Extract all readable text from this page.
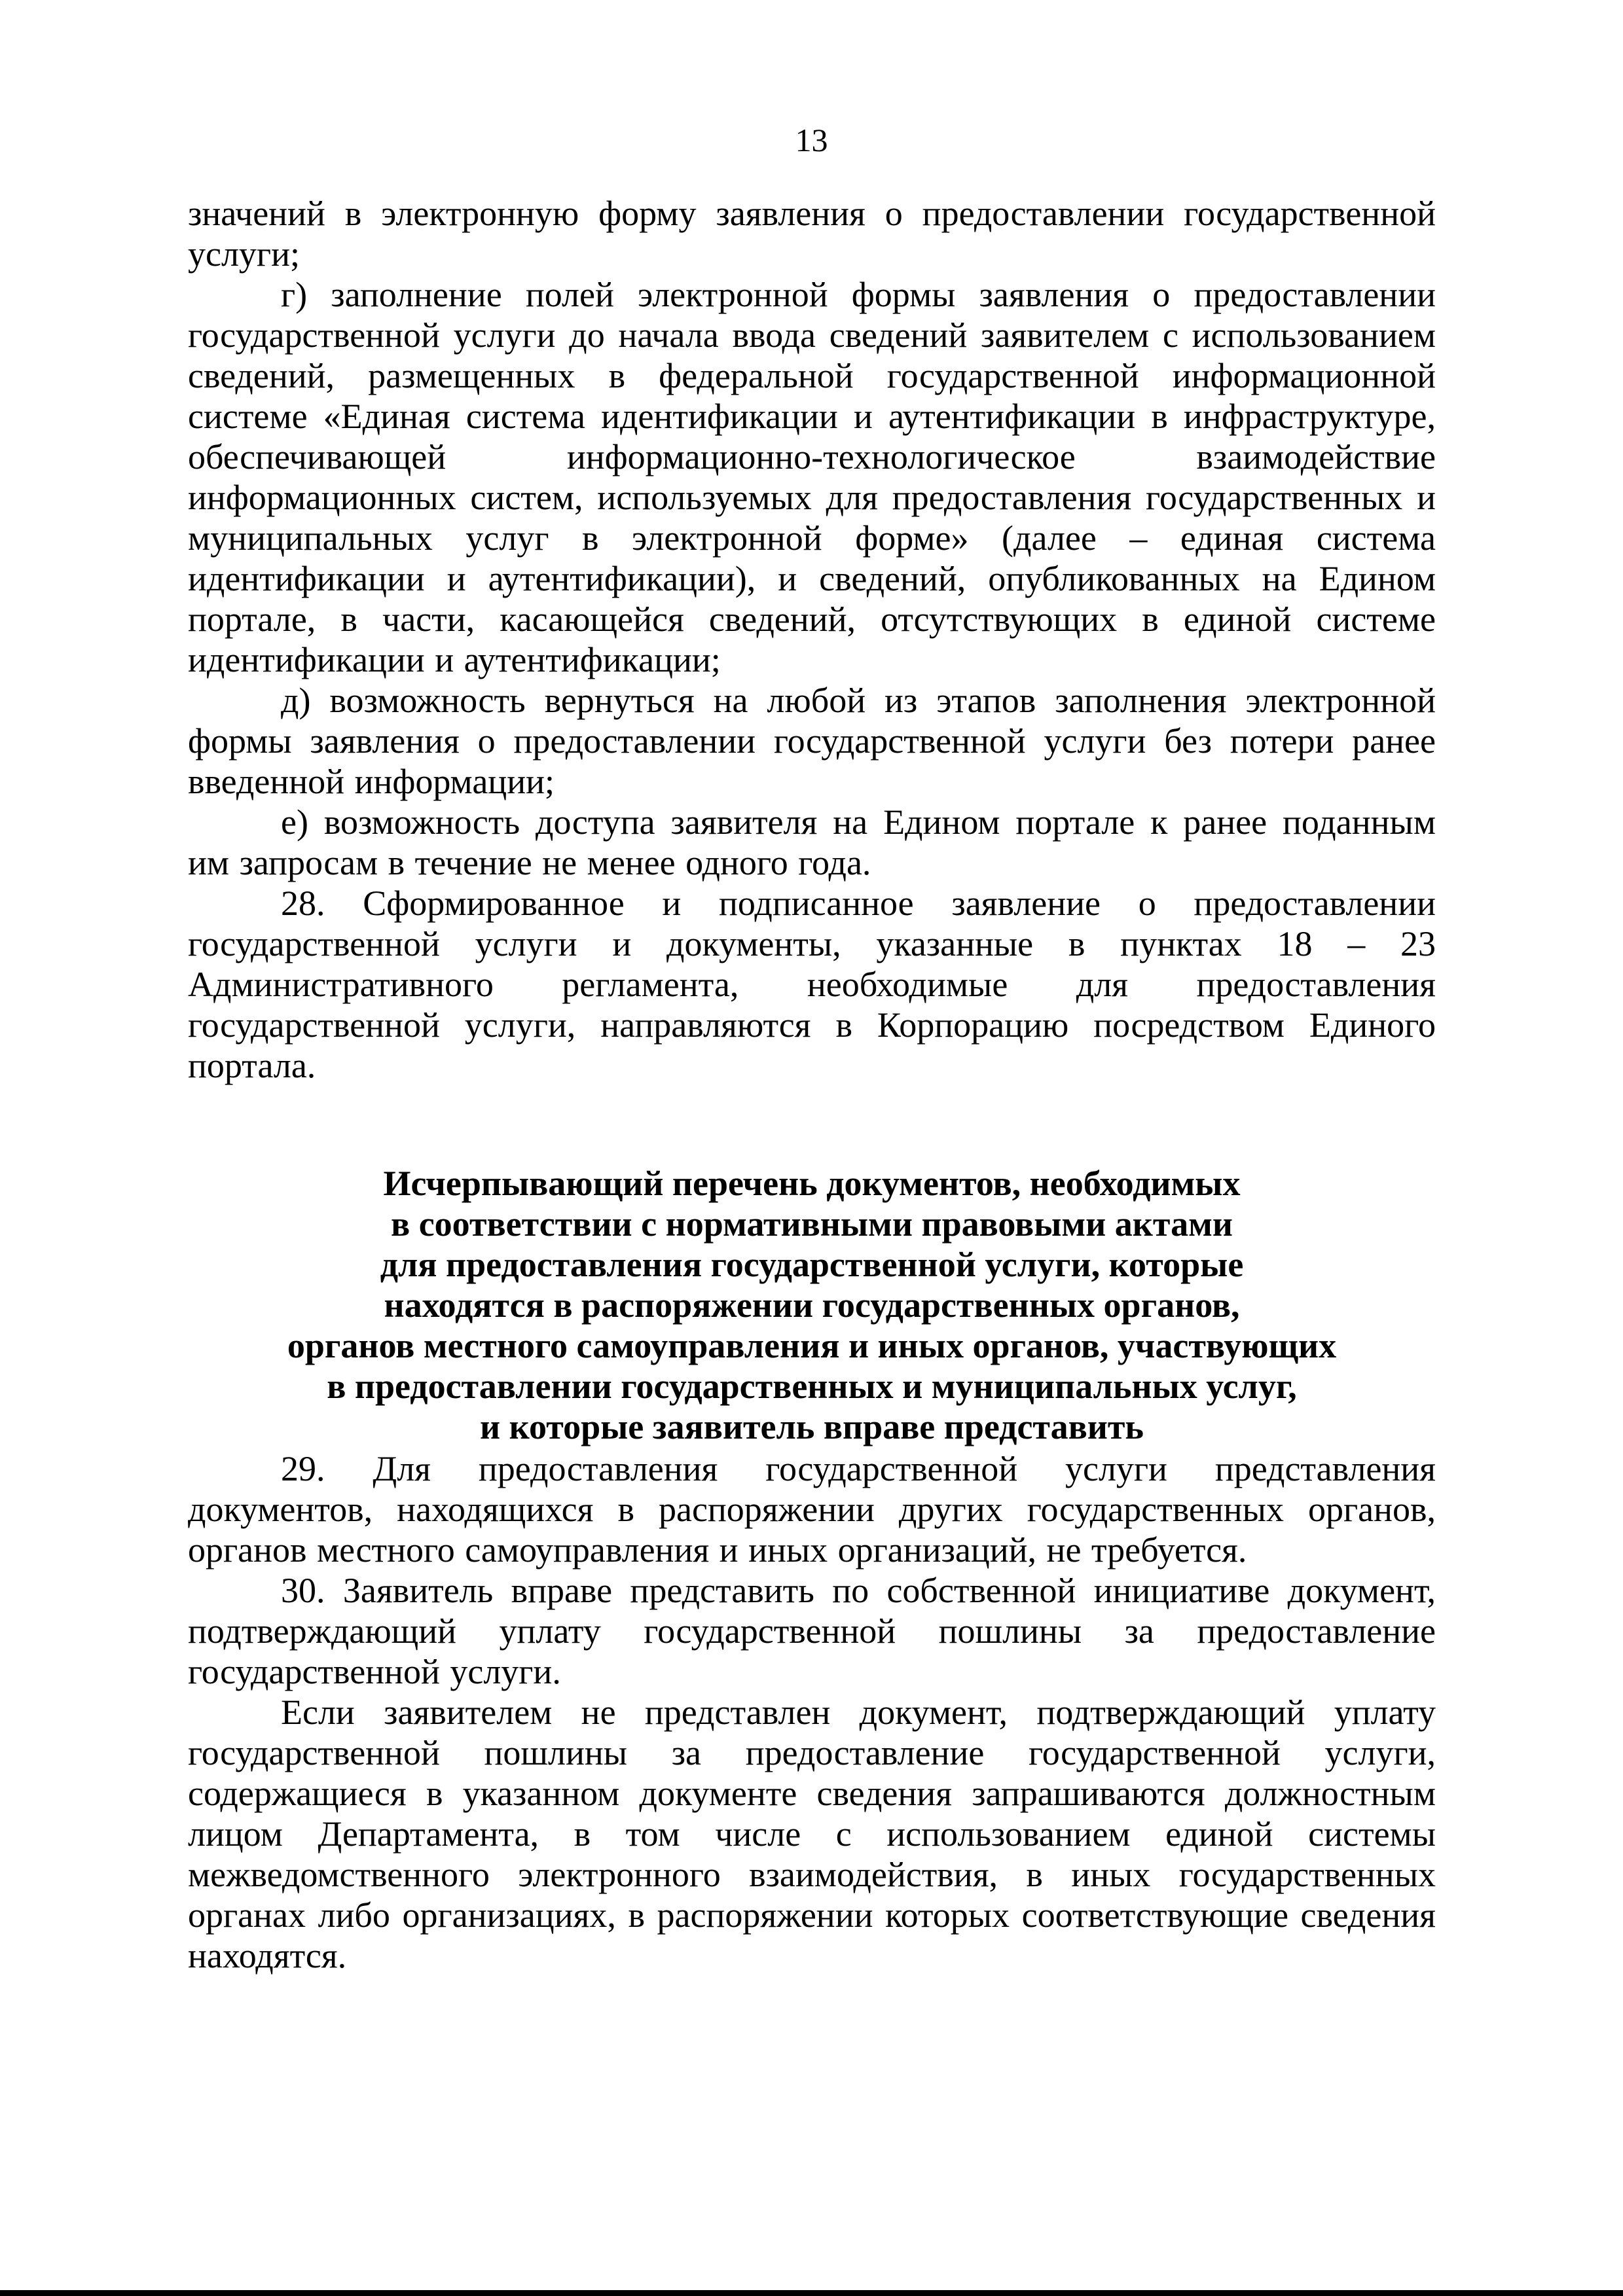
13

значений в электронную форму заявления о предоставлении государственной услуги;

г) заполнение полей электронной формы заявления о предоставлении государственной услуги до начала ввода сведений заявителем с использованием сведений, размещенных в федеральной государственной информационной системе «Единая система идентификации и аутентификации в инфраструктуре, обеспечивающей информационно-технологическое взаимодействие информационных систем, используемых для предоставления государственных и муниципальных услуг в электронной форме» (далее – единая система идентификации и аутентификации), и сведений, опубликованных на Едином портале, в части, касающейся сведений, отсутствующих в единой системе идентификации и аутентификации;

д) возможность вернуться на любой из этапов заполнения электронной формы заявления о предоставлении государственной услуги без потери ранее введенной информации;

е) возможность доступа заявителя на Едином портале к ранее поданным им запросам в течение не менее одного года.

28. Сформированное и подписанное заявление о предоставлении государственной услуги и документы, указанные в пунктах 18 – 23 Административного регламента, необходимые для предоставления государственной услуги, направляются в Корпорацию посредством Единого портала.

Исчерпывающий перечень документов, необходимых
в соответствии с нормативными правовыми актами
для предоставления государственной услуги, которые
находятся в распоряжении государственных органов,
органов местного самоуправления и иных органов, участвующих
в предоставлении государственных и муниципальных услуг,
и которые заявитель вправе представить

29. Для предоставления государственной услуги представления документов, находящихся в распоряжении других государственных органов, органов местного самоуправления и иных организаций, не требуется.

30. Заявитель вправе представить по собственной инициативе документ, подтверждающий уплату государственной пошлины за предоставление государственной услуги.

Если заявителем не представлен документ, подтверждающий уплату государственной пошлины за предоставление государственной услуги, содержащиеся в указанном документе сведения запрашиваются должностным лицом Департамента, в том числе с использованием единой системы межведомственного электронного взаимодействия, в иных государственных органах либо организациях, в распоряжении которых соответствующие сведения находятся.
